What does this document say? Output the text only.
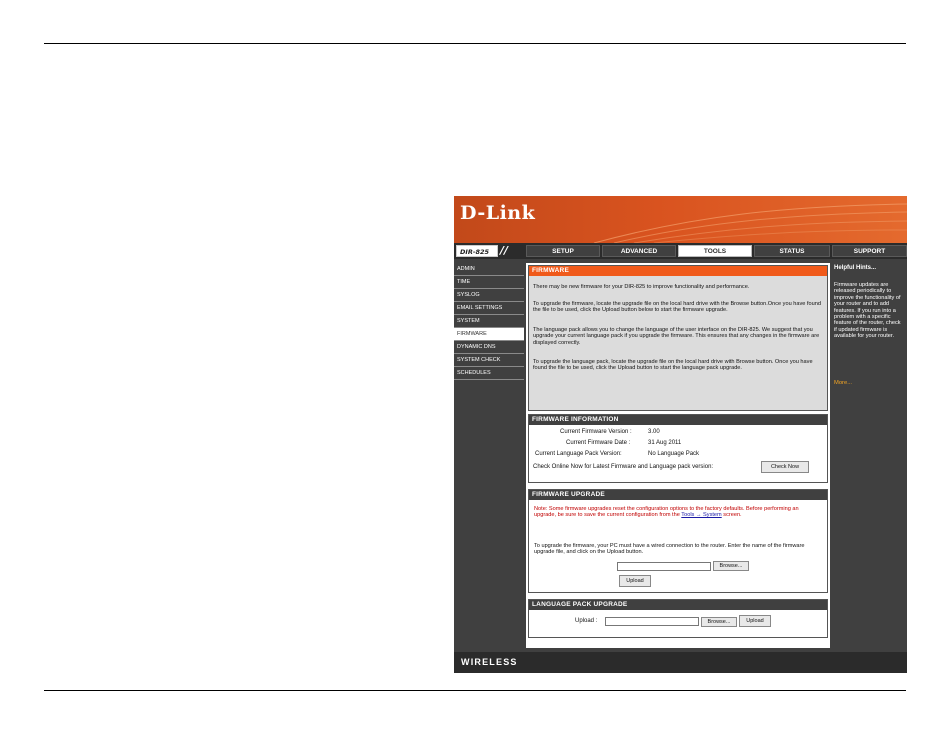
D-Link
DIR-825 //	SETUP	ADVANCED	TOOLS	STATUS	SUPPORT
ADMIN
TIME
SYSLOG
EMAIL SETTINGS
SYSTEM
FIRMWARE
DYNAMIC DNS
SYSTEM CHECK
SCHEDULES
FIRMWARE

There may be new firmware for your DIR-825 to improve functionality and performance.

To upgrade the firmware, locate the upgrade file on the local hard drive with the Browse button.Once you have found the file to be used, click the Upload button below to start the firmware upgrade.

The language pack allows you to change the language of the user interface on the DIR-825. We suggest that you upgrade your current language pack if you upgrade the firmware. This ensures that any changes in the firmware are displayed correctly.

To upgrade the language pack, locate the upgrade file on the local hard drive with Browse button. Once you have found the file to be used, click the Upload button to start the language pack upgrade.

FIRMWARE INFORMATION
Current Firmware Version :	3.00
Current Firmware Date :	31 Aug 2011
Current Language Pack Version:	No Language Pack
Check Online Now for Latest Firmware and Language pack version:	Check Now
FIRMWARE UPGRADE

Note: Some firmware upgrades reset the configuration options to the factory defaults. Before performing an upgrade, be sure to save the current configuration from the Tools → System screen.

To upgrade the firmware, your PC must have a wired connection to the router. Enter the name of the firmware upgrade file, and click on the Upload button.

Browse...
Upload
LANGUAGE PACK UPGRADE
Upload :	Browse...	Upload
Helpful Hints...
Firmware updates are released periodically to improve the functionality of your router and to add features. If you run into a problem with a specific feature of the router, check if updated firmware is available for your router.
More...
WIRELESS
